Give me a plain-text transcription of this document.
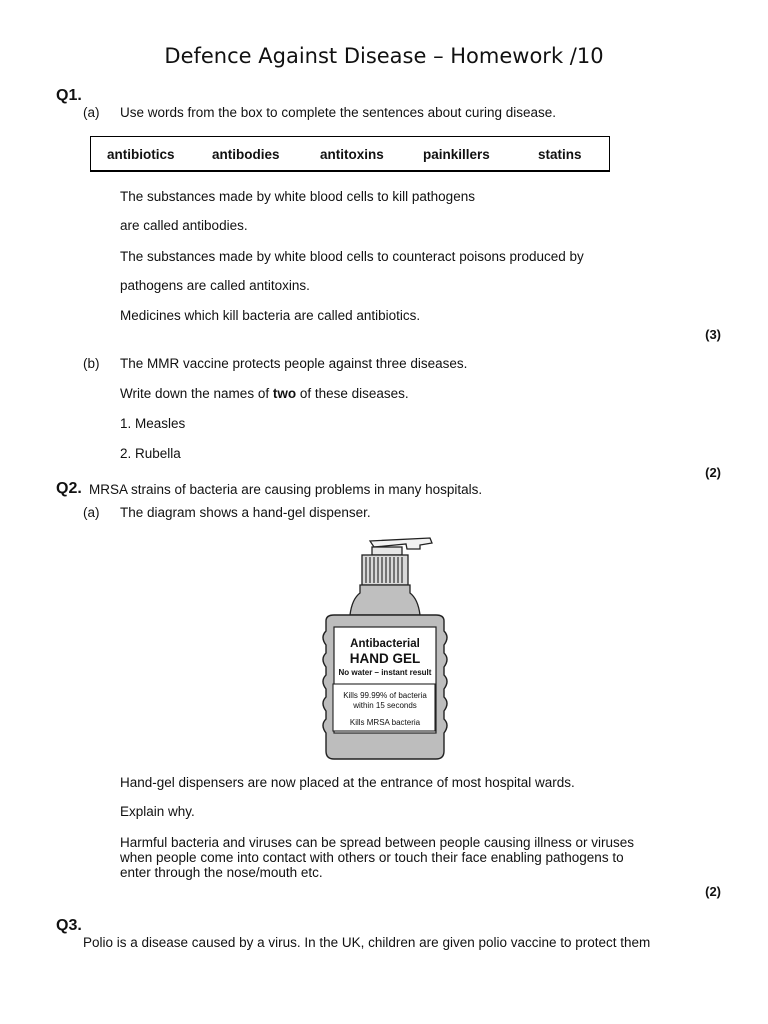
Defence Against Disease – Homework /10
Q1.
(a) Use words from the box to complete the sentences about curing disease.
antibiotics	antibodies	antitoxins	painkillers	statins
The substances made by white blood cells to kill pathogens
are called antibodies.
The substances made by white blood cells to counteract poisons produced by
pathogens are called antitoxins.
Medicines which kill bacteria are called antibiotics.
(3)
(b) The MMR vaccine protects people against three diseases.
Write down the names of two of these diseases.
1. Measles
2. Rubella
(2)
Q2. MRSA strains of bacteria are causing problems in many hospitals.
(a) The diagram shows a hand-gel dispenser.
Antibacterial
HAND GEL
No water – instant result
Kills 99.99% of bacteria
within 15 seconds
Kills MRSA bacteria
Hand-gel dispensers are now placed at the entrance of most hospital wards.
Explain why.
Harmful bacteria and viruses can be spread between people causing illness or viruses
when people come into contact with others or touch their face enabling pathogens to
enter through the nose/mouth etc.
(2)
Q3.
Polio is a disease caused by a virus. In the UK, children are given polio vaccine to protect them
